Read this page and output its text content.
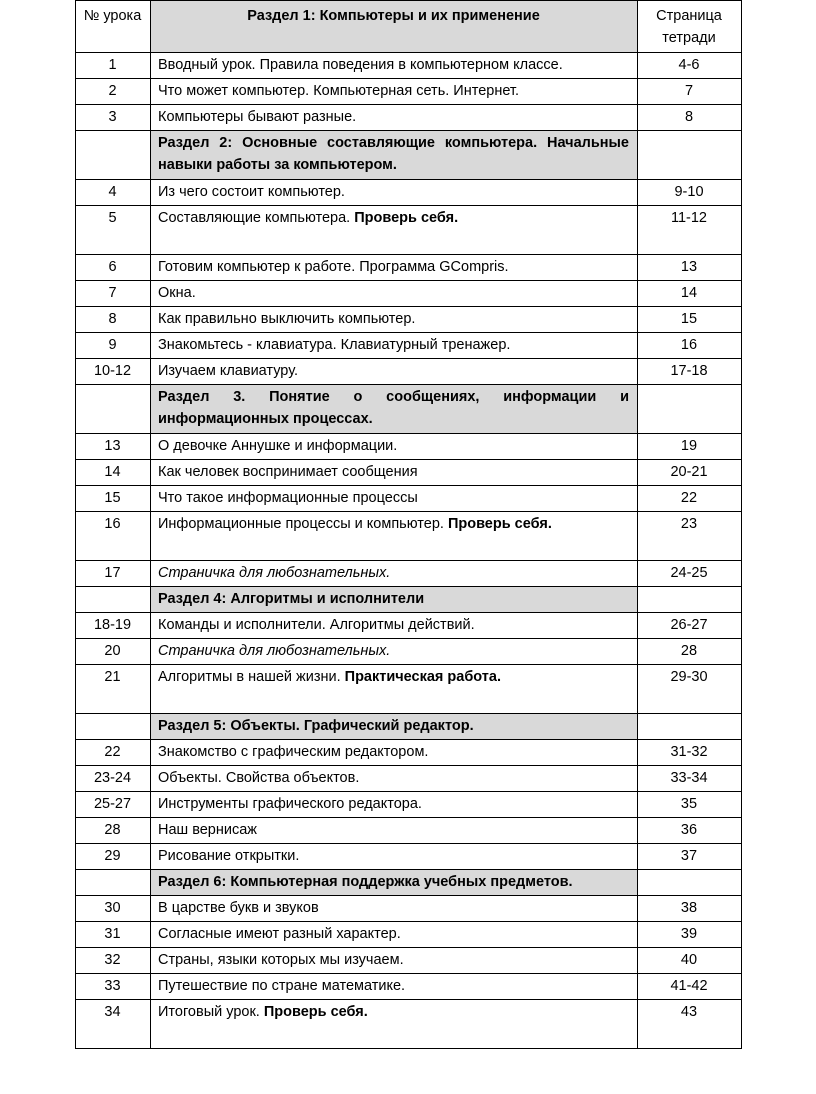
№ урока	Раздел 1: Компьютеры и их применение	Страница тетради
1	Вводный урок. Правила поведения в компьютерном классе.	4-6
2	Что может компьютер. Компьютерная сеть. Интернет.	7
3	Компьютеры бывают разные.	8
	Раздел 2: Основные составляющие компьютера. Начальные навыки работы за компьютером.	
4	Из чего состоит компьютер.	9-10
5	Составляющие компьютера. Проверь себя.	11-12
6	Готовим компьютер к работе. Программа GCompris.	13
7	Окна.	14
8	Как правильно выключить компьютер.	15
9	Знакомьтесь - клавиатура. Клавиатурный тренажер.	16
10-12	Изучаем клавиатуру.	17-18
	Раздел 3. Понятие о сообщениях, информации и информационных процессах.	
13	О девочке Аннушке и информации.	19
14	Как человек воспринимает сообщения	20-21
15	Что такое информационные процессы	22
16	Информационные процессы и компьютер. Проверь себя.	23
17	Страничка для любознательных.	24-25
	Раздел 4: Алгоритмы и исполнители	
18-19	Команды и исполнители. Алгоритмы действий.	26-27
20	Страничка для любознательных.	28
21	Алгоритмы в нашей жизни. Практическая работа.	29-30
	Раздел 5: Объекты. Графический редактор.	
22	Знакомство с графическим редактором.	31-32
23-24	Объекты. Свойства объектов.	33-34
25-27	Инструменты графического редактора.	35
28	Наш вернисаж	36
29	Рисование открытки.	37
	Раздел 6: Компьютерная поддержка учебных предметов.	
30	В царстве букв и звуков	38
31	Согласные имеют разный характер.	39
32	Страны, языки которых мы изучаем.	40
33	Путешествие по стране математике.	41-42
34	Итоговый урок. Проверь себя.	43
